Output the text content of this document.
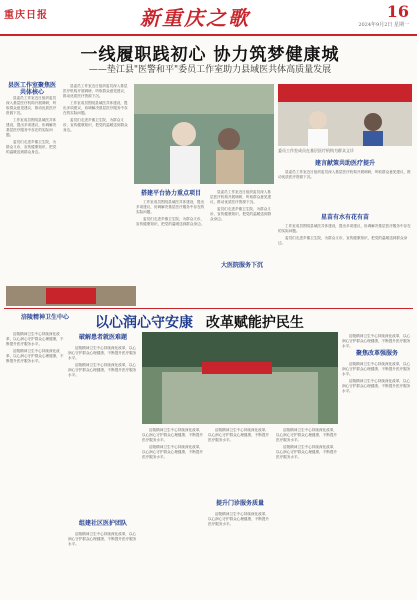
重庆日报	新重庆之歌	16
2024年9月2日 星期一
一线履职践初心 协力筑梦健康城
——垫江县"医警和平"委员工作室助力县域医共体高质量发展
县医工作室聚焦医共体核心

县委员工作室近日组织委员深入基层医疗机构开展调研，听取群众意见建议，推动优质医疗资源下沉。

工作室成员围绕县域医共体建设，提出多项建议，协调解决基层医疗服务中存在的实际问题。

委员们走进乡镇卫生院，为群众义诊，宣传健康知识，把党的温暖送到群众身边。

县委员工作室近日组织委员深入基层医疗机构开展调研，听取群众意见建议，推动优质医疗资源下沉。

工作室成员围绕县域医共体建设，提出多项建议，协调解决基层医疗服务中存在的实际问题。

委员们走进乡镇卫生院，为群众义诊，宣传健康知识，把党的温暖送到群众身边。

委员工作室成员在基层医疗机构为群众义诊
搭建平台协力重点项目

工作室成员围绕县域医共体建设，提出多项建议，协调解决基层医疗服务中存在的实际问题。

委员们走进乡镇卫生院，为群众义诊，宣传健康知识，把党的温暖送到群众身边。

县委员工作室近日组织委员深入基层医疗机构开展调研，听取群众意见建议，推动优质医疗资源下沉。

委员们走进乡镇卫生院，为群众义诊，宣传健康知识，把党的温暖送到群众身边。

建言献策共助医疗提升

县委员工作室近日组织委员深入基层医疗机构开展调研，听取群众意见建议，推动优质医疗资源下沉。

星苗有水有花有苗
大医院服务下沉

工作室成员围绕县域医共体建设，提出多项建议，协调解决基层医疗服务中存在的实际问题。

委员们走进乡镇卫生院，为群众义诊，宣传健康知识，把党的温暖送到群众身边。

涪陵精神卫生中心	以心润心守安康 改革赋能护民生

涪陵精神卫生中心持续深化改革，以心润心守护群众心理健康，不断提升医疗服务水平。

涪陵精神卫生中心持续深化改革，以心润心守护群众心理健康，不断提升医疗服务水平。

破解患者就医难题

涪陵精神卫生中心持续深化改革，以心润心守护群众心理健康，不断提升医疗服务水平。

涪陵精神卫生中心持续深化改革，以心润心守护群众心理健康，不断提升医疗服务水平。

组建社区医护团队

涪陵精神卫生中心持续深化改革，以心润心守护群众心理健康，不断提升医疗服务水平。

涪陵精神卫生中心持续深化改革，以心润心守护群众心理健康，不断提升医疗服务水平。

涪陵精神卫生中心持续深化改革，以心润心守护群众心理健康，不断提升医疗服务水平。

提升门诊服务质量

涪陵精神卫生中心持续深化改革，以心润心守护群众心理健康，不断提升医疗服务水平。

涪陵精神卫生中心持续深化改革，以心润心守护群众心理健康，不断提升医疗服务水平。

涪陵精神卫生中心持续深化改革，以心润心守护群众心理健康，不断提升医疗服务水平。

涪陵精神卫生中心持续深化改革，以心润心守护群众心理健康，不断提升医疗服务水平。

聚焦改革强服务

涪陵精神卫生中心持续深化改革，以心润心守护群众心理健康，不断提升医疗服务水平。

涪陵精神卫生中心持续深化改革，以心润心守护群众心理健康，不断提升医疗服务水平。

涪陵精神卫生中心持续深化改革，以心润心守护群众心理健康，不断提升医疗服务水平。
